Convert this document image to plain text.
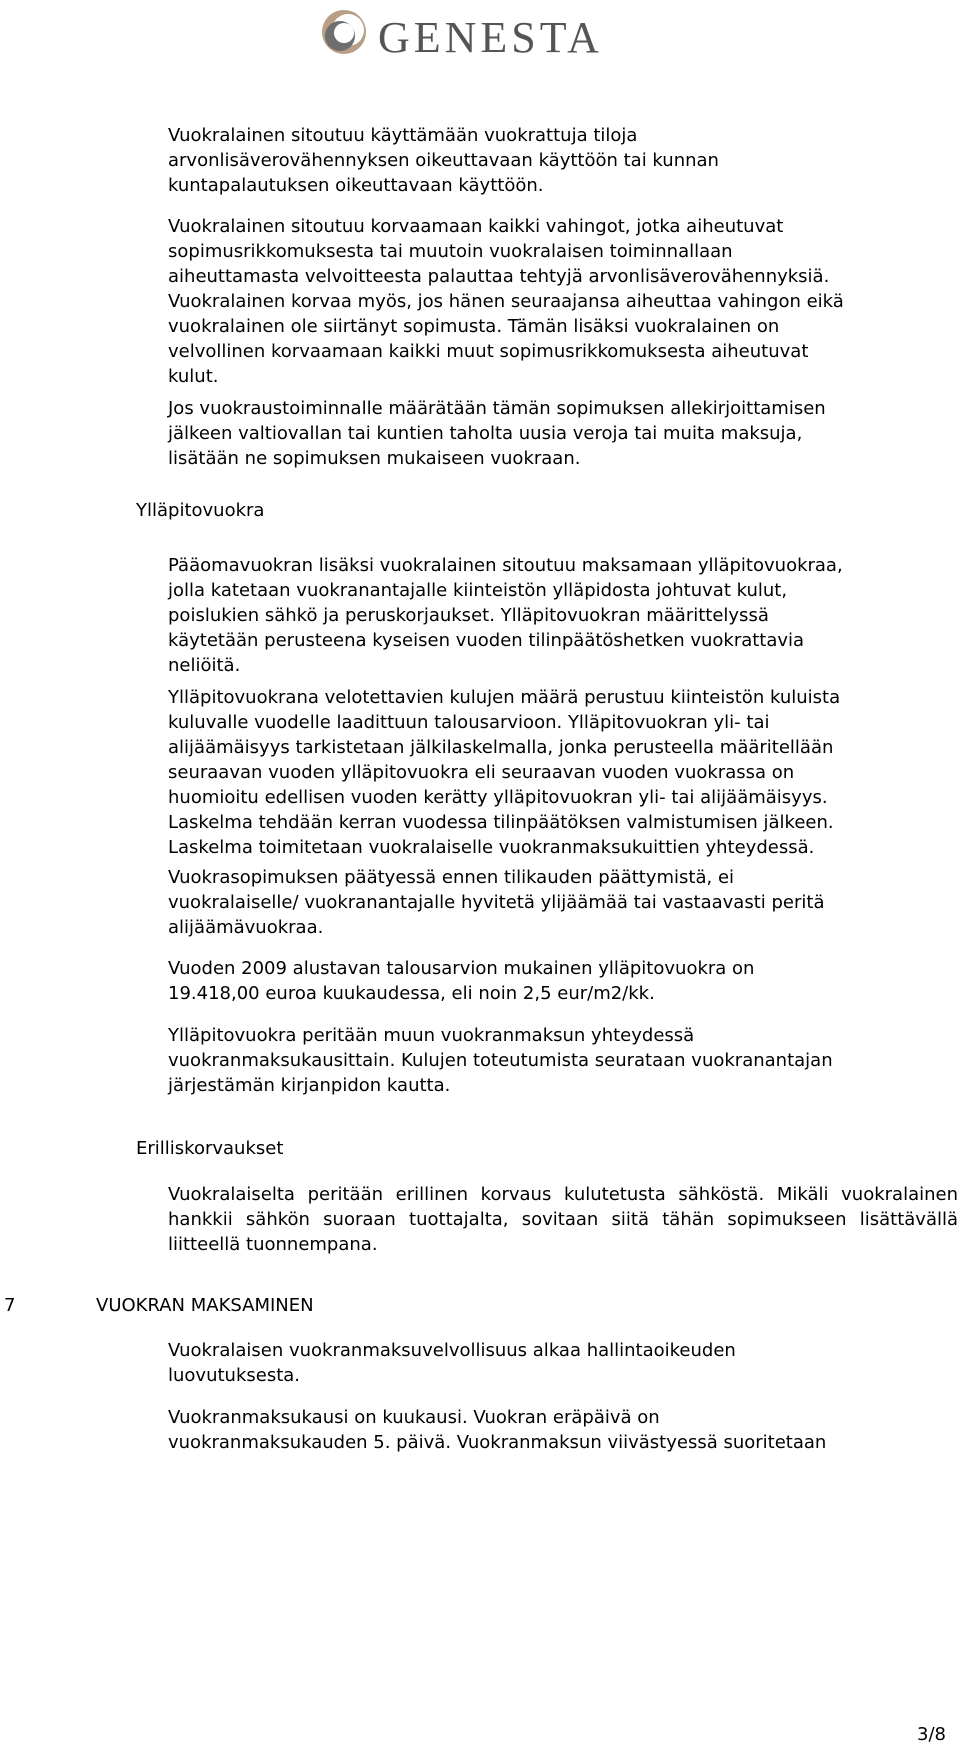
GENESTA

Vuokralainen sitoutuu käyttämään vuokrattuja tiloja
arvonlisäverovähennyksen oikeuttavaan käyttöön tai kunnan
kuntapalautuksen oikeuttavaan käyttöön.

Vuokralainen sitoutuu korvaamaan kaikki vahingot, jotka aiheutuvat
sopimusrikkomuksesta tai muutoin vuokralaisen toiminnallaan
aiheuttamasta velvoitteesta palauttaa tehtyjä arvonlisäverovähennyksiä.
Vuokralainen korvaa myös, jos hänen seuraajansa aiheuttaa vahingon eikä
vuokralainen ole siirtänyt sopimusta. Tämän lisäksi vuokralainen on
velvollinen korvaamaan kaikki muut sopimusrikkomuksesta aiheutuvat
kulut.

Jos vuokraustoiminnalle määrätään tämän sopimuksen allekirjoittamisen
jälkeen valtiovallan tai kuntien taholta uusia veroja tai muita maksuja,
lisätään ne sopimuksen mukaiseen vuokraan.

Ylläpitovuokra

Pääomavuokran lisäksi vuokralainen sitoutuu maksamaan ylläpitovuokraa,
jolla katetaan vuokranantajalle kiinteistön ylläpidosta johtuvat kulut,
poislukien sähkö ja peruskorjaukset. Ylläpitovuokran määrittelyssä
käytetään perusteena kyseisen vuoden tilinpäätöshetken vuokrattavia
neliöitä.

Ylläpitovuokrana velotettavien kulujen määrä perustuu kiinteistön kuluista
kuluvalle vuodelle laadittuun talousarvioon. Ylläpitovuokran yli- tai
alijäämäisyys tarkistetaan jälkilaskelmalla, jonka perusteella määritellään
seuraavan vuoden ylläpitovuokra eli seuraavan vuoden vuokrassa on
huomioitu edellisen vuoden kerätty ylläpitovuokran yli- tai alijäämäisyys.
Laskelma tehdään kerran vuodessa tilinpäätöksen valmistumisen jälkeen.
Laskelma toimitetaan vuokralaiselle vuokranmaksukuittien yhteydessä.

Vuokrasopimuksen päätyessä ennen tilikauden päättymistä, ei
vuokralaiselle/ vuokranantajalle hyvitetä ylijäämää tai vastaavasti peritä
alijäämävuokraa.

Vuoden 2009 alustavan talousarvion mukainen ylläpitovuokra on
19.418,00 euroa kuukaudessa, eli noin 2,5 eur/m2/kk.

Ylläpitovuokra peritään muun vuokranmaksun yhteydessä
vuokranmaksukausittain. Kulujen toteutumista seurataan vuokranantajan
järjestämän kirjanpidon kautta.

Erilliskorvaukset

Vuokralaiselta peritään erillinen korvaus kulutetusta sähköstä. Mikäli vuokralainen hankkii sähkön suoraan tuottajalta, sovitaan siitä tähän sopimukseen lisättävällä liitteellä tuonnempana.

7	VUOKRAN MAKSAMINEN

Vuokralaisen vuokranmaksuvelvollisuus alkaa hallintaoikeuden
luovutuksesta.

Vuokranmaksukausi on kuukausi. Vuokran eräpäivä on
vuokranmaksukauden 5. päivä. Vuokranmaksun viivästyessä suoritetaan

3/8
